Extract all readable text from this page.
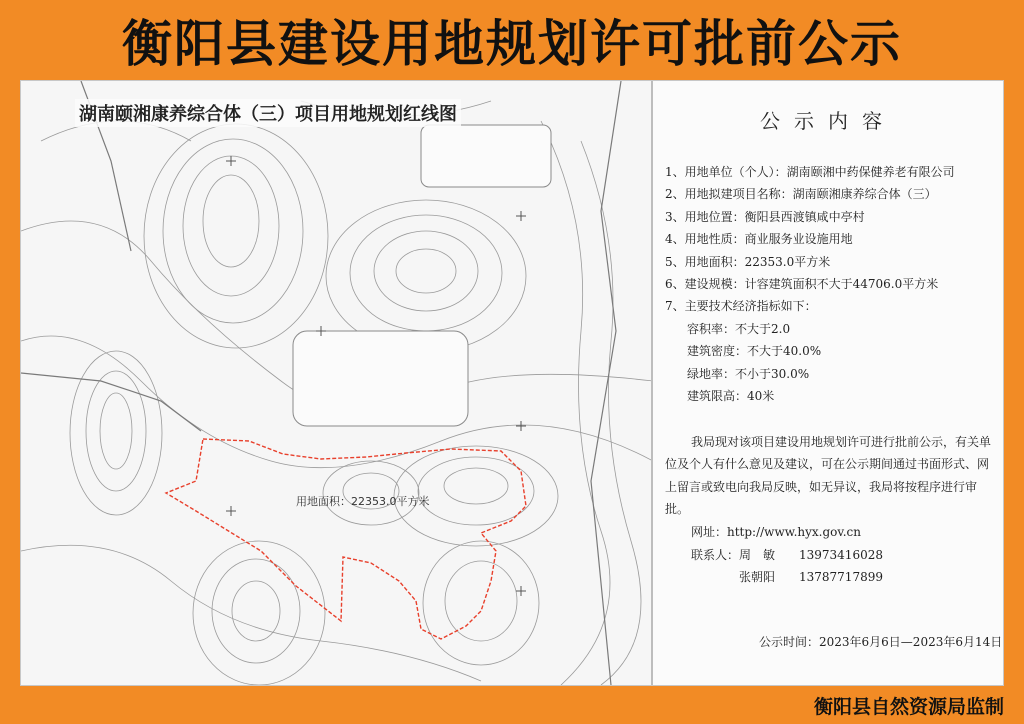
衡阳县建设用地规划许可批前公示
用地面积：22353.0平方米
湖南颐湘康养综合体（三）项目用地规划红线图	公示内容
1、用地单位（个人）：湖南颐湘中药保健养老有限公司
2、用地拟建项目名称：湖南颐湘康养综合体（三）
3、用地位置：衡阳县西渡镇咸中亭村
4、用地性质：商业服务业设施用地
5、用地面积：22353.0平方米
6、建设规模：计容建筑面积不大于44706.0平方米
7、主要技术经济指标如下：
容积率：不大于2.0
建筑密度：不大于40.0%
绿地率：不小于30.0%
建筑限高：40米
我局现对该项目建设用地规划许可进行批前公示，有关单位及个人有什么意见及建议，可在公示期间通过书面形式、网上留言或致电向我局反映，如无异议，我局将按程序进行审批。
网址：http://www.hyx.gov.cn
联系人：周　敏　　13973416028
张朝阳　　13787717899
公示时间：2023年6月6日—2023年6月14日
衡阳县自然资源局监制
